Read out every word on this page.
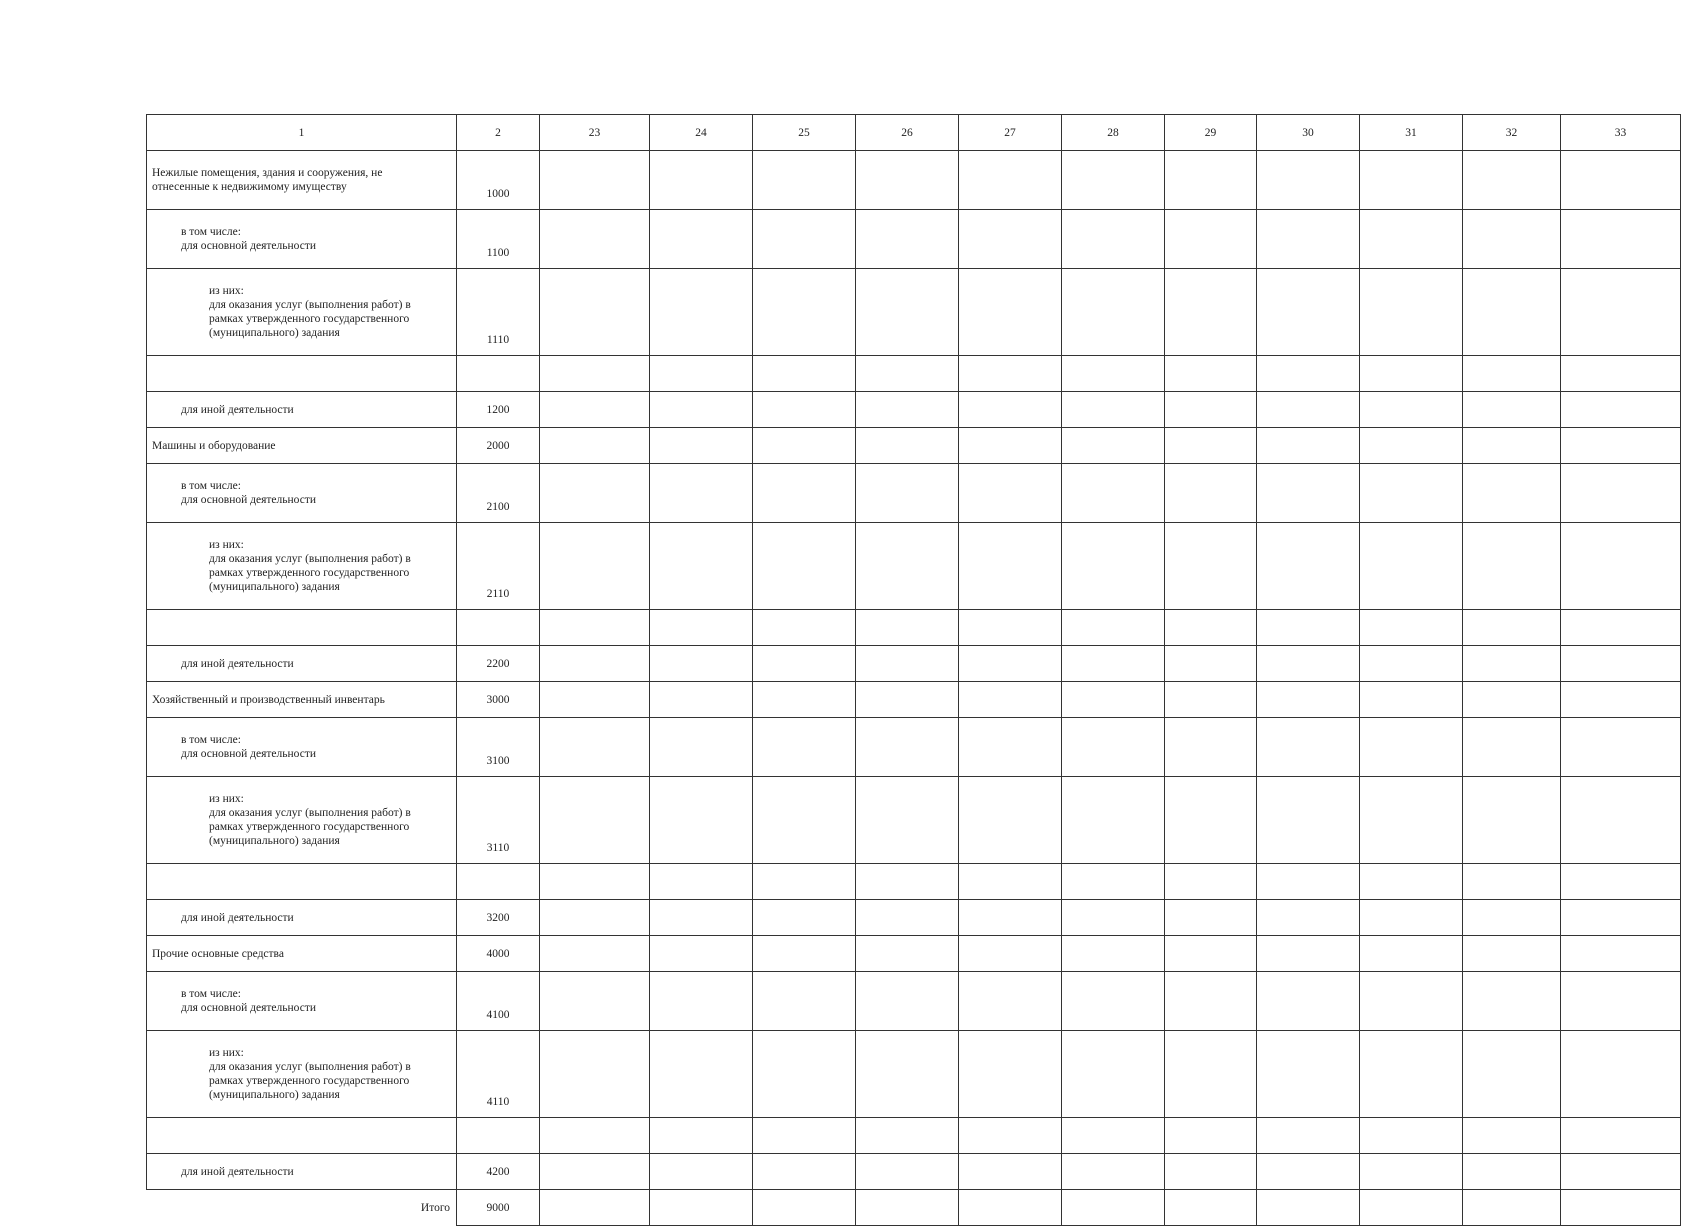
1	2	23	24	25	26	27	28	29	30	31	32	33
Нежилые помещения, здания и сооружения, не
отнесенные к недвижимому имуществу	1000											
в том числе:
для основной деятельности	1100											
из них:
для оказания услуг (выполнения работ) в
рамках утвержденного государственного
(муниципального) задания	1110											

для иной деятельности	1200											
Машины и оборудование	2000											
в том числе:
для основной деятельности	2100											
из них:
для оказания услуг (выполнения работ) в
рамках утвержденного государственного
(муниципального) задания	2110											

для иной деятельности	2200											
Хозяйственный и производственный инвентарь	3000											
в том числе:
для основной деятельности	3100											
из них:
для оказания услуг (выполнения работ) в
рамках утвержденного государственного
(муниципального) задания	3110											

для иной деятельности	3200											
Прочие основные средства	4000											
в том числе:
для основной деятельности	4100											
из них:
для оказания услуг (выполнения работ) в
рамках утвержденного государственного
(муниципального) задания	4110											

для иной деятельности	4200											
Итого	9000											
